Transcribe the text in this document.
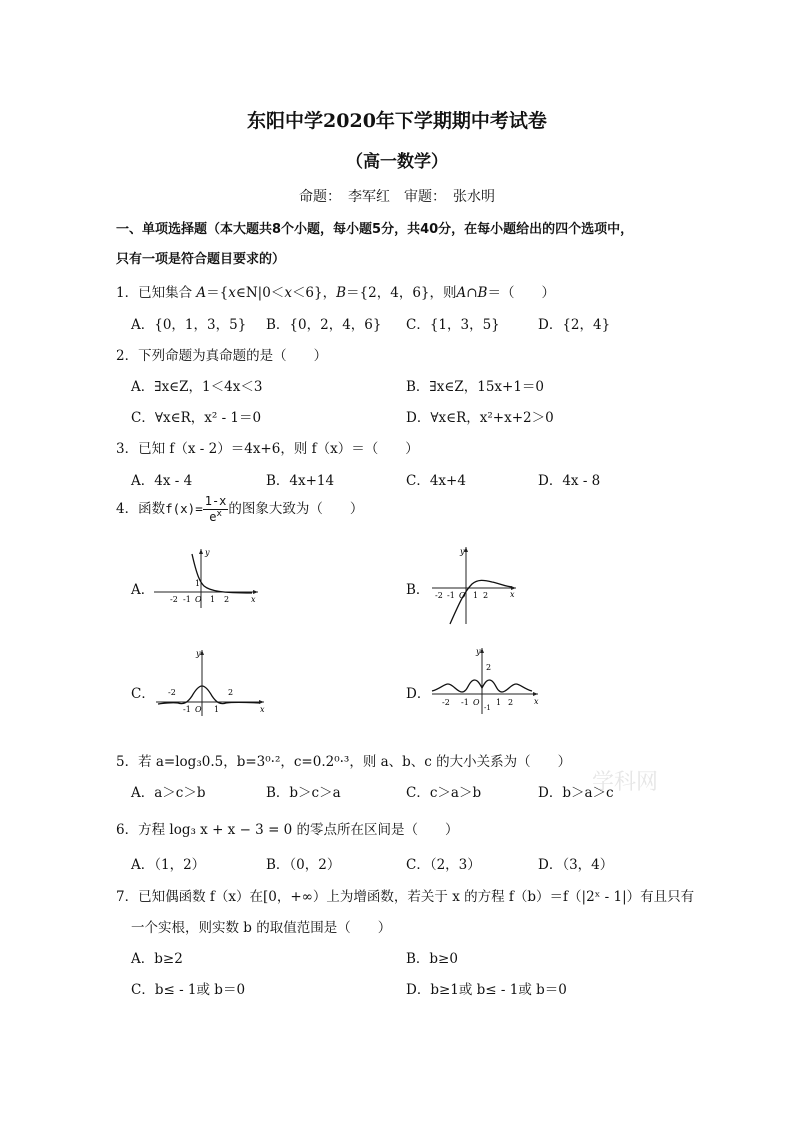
东阳中学2020年下学期期中考试卷
（高一数学）
命题：　李军红　审题：　张水明
一、单项选择题（本大题共8个小题，每小题5分，共40分，在每小题给出的四个选项中，
只有一项是符合题目要求的）
1．已知集合 A＝{x∈N|0＜x＜6}，B＝{2，4，6}，则A∩B＝（　　）
A．{0，1，3，5} B．{0，2，4，6} C．{1，3，5}	D．{2，4}
2．下列命题为真命题的是（　　）
A．∃x∈Z，1＜4x＜3	B．∃x∈Z，15x+1＝0
C．∀x∈R，x² - 1＝0	D．∀x∈R，x²+x+2＞0
3．已知 f（x - 2）＝4x+6，则 f（x）＝（　　）
A．4x - 4	B．4x+14	C．4x+4	D．4x - 8
4．函数$f(x)= \frac{1-x}{e^x}$ 的图象大致为（　　）
A．
y
x
1
-2 -1 O 1 2
B．
y
x
-2 -1 O 1 2
C．
y
x
-2	2
-1 O 1
D．
y
x
2
-2 -1 O 1 2
-1
5．若 a=log₃0.5，b=3⁰·²，c=0.2⁰·³，则 a、b、c 的大小关系为（　　）
A．a＞c＞b	B．b＞c＞a	C．c＞a＞b	D．b＞a＞c
学科网
6．方程 log₃ x + x − 3 = 0 的零点所在区间是（　　）
A．（1，2）	B．（0，2）	C．（2，3）	D．（3，4）
7．已知偶函数 f（x）在[0，+∞）上为增函数，若关于 x 的方程 f（b）＝f（|2ˣ - 1|）有且只有
一个实根，则实数 b 的取值范围是（　　）
A．b≥2	B．b≥0
C．b≤ - 1或 b＝0	D．b≥1或 b≤ - 1或 b＝0
